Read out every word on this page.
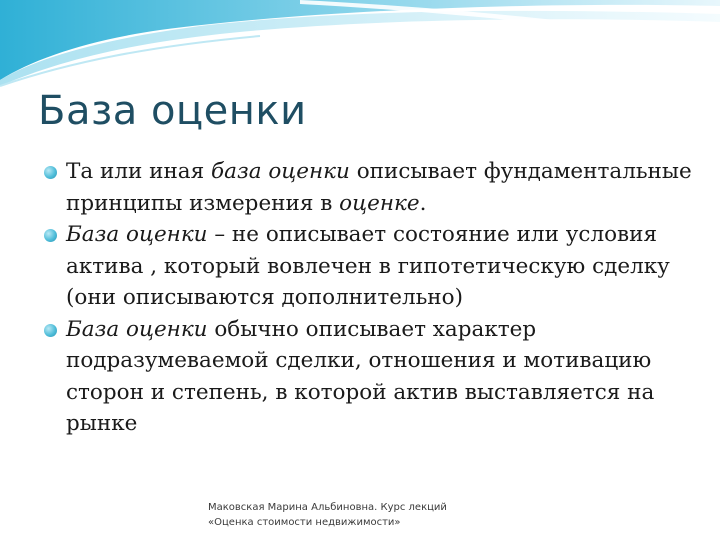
База оценки
Та или иная база оценки описывает фундаментальные принципы измерения в оценке.
База оценки – не описывает состояние или условия актива , который вовлечен в гипотетическую сделку (они описываются дополнительно)
База оценки обычно описывает характер подразумеваемой сделки, отношения и мотивацию сторон и степень, в которой актив выставляется на рынке
Маковская Марина Альбиновна. Курс лекций
«Оценка стоимости недвижимости»
